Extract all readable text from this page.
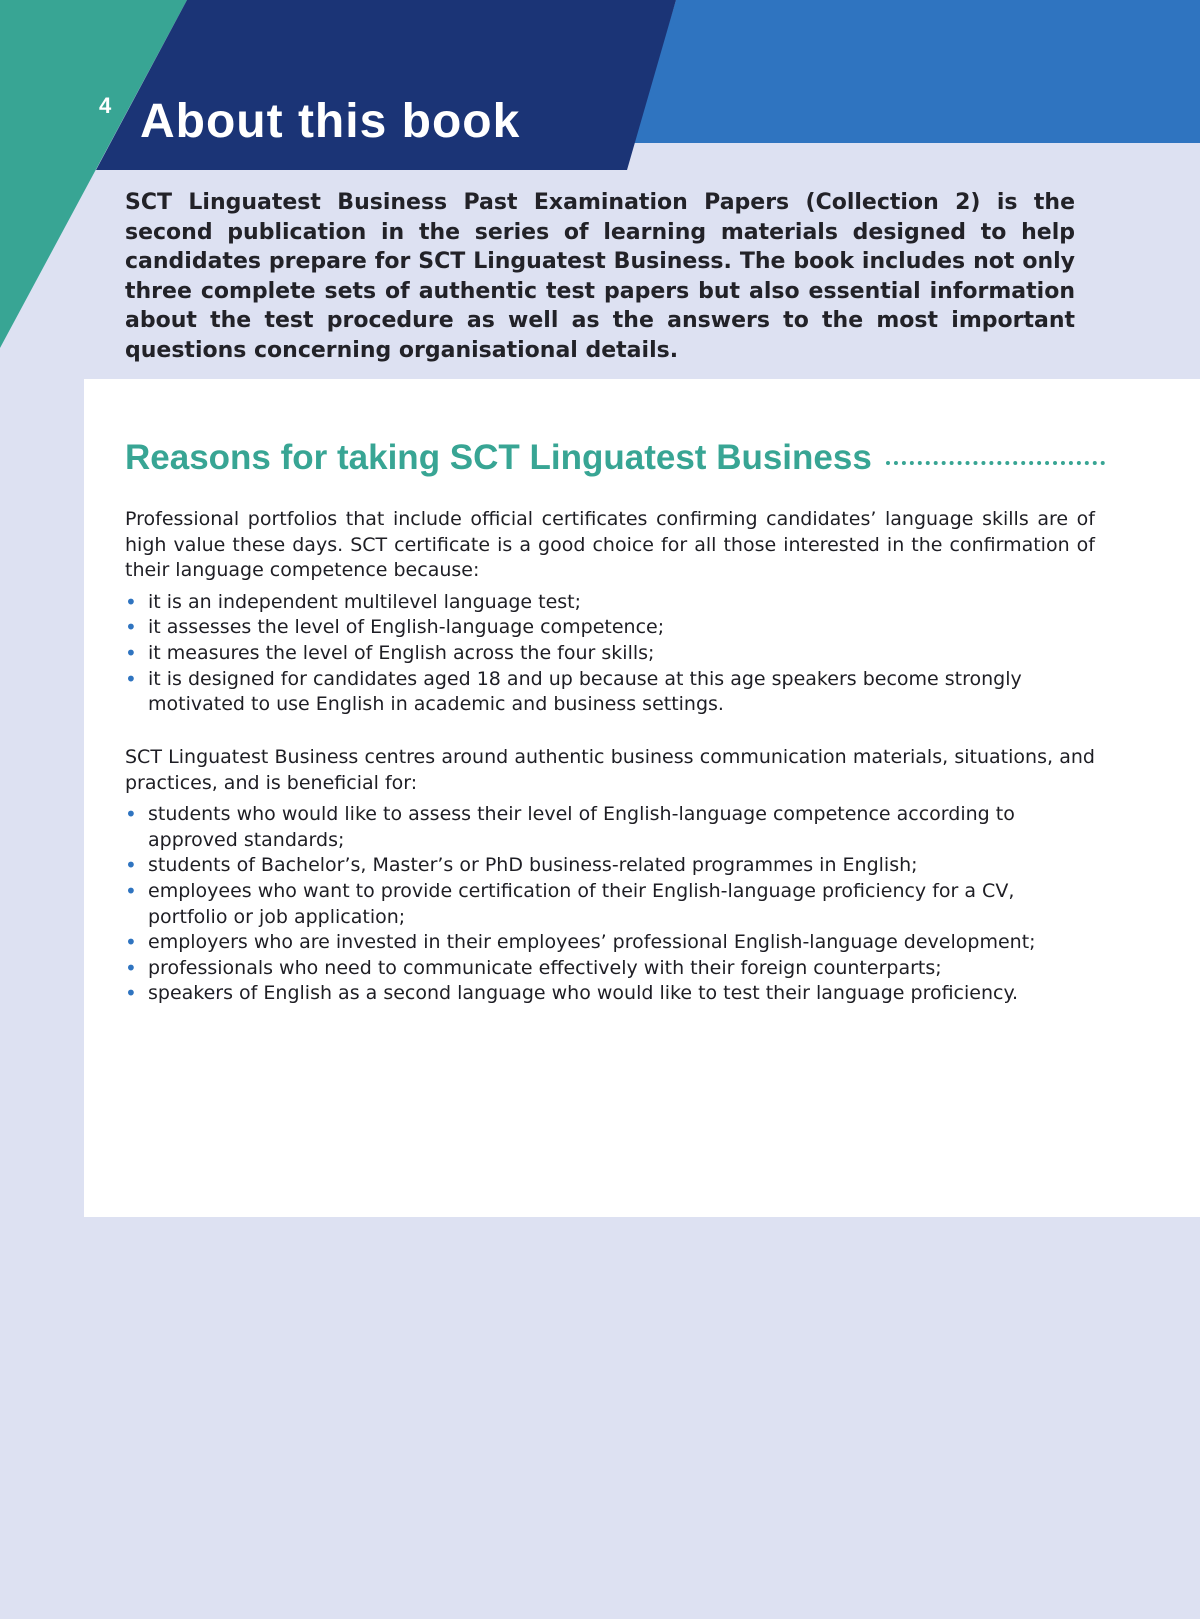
4 About this book

SCT Linguatest Business Past Examination Papers (Collection 2) is the second publication in the series of learning materials designed to help candidates prepare for SCT Linguatest Business. The book includes not only three complete sets of authentic test papers but also essential information about the test procedure as well as the answers to the most important questions concerning organisational details.

Reasons for taking SCT Linguatest Business

Professional portfolios that include official certificates confirming candidates’ language skills are of high value these days. SCT certificate is a good choice for all those interested in the confirmation of their language competence because:

• it is an independent multilevel language test;
• it assesses the level of English-language competence;
• it measures the level of English across the four skills;
• it is designed for candidates aged 18 and up because at this age speakers become strongly motivated to use English in academic and business settings.

SCT Linguatest Business centres around authentic business communication materials, situations, and practices, and is beneficial for:

• students who would like to assess their level of English-language competence according to approved standards;
• students of Bachelor’s, Master’s or PhD business-related programmes in English;
• employees who want to provide certification of their English-language proficiency for a CV, portfolio or job application;
• employers who are invested in their employees’ professional English-language development;
• professionals who need to communicate effectively with their foreign counterparts;
• speakers of English as a second language who would like to test their language proficiency.
